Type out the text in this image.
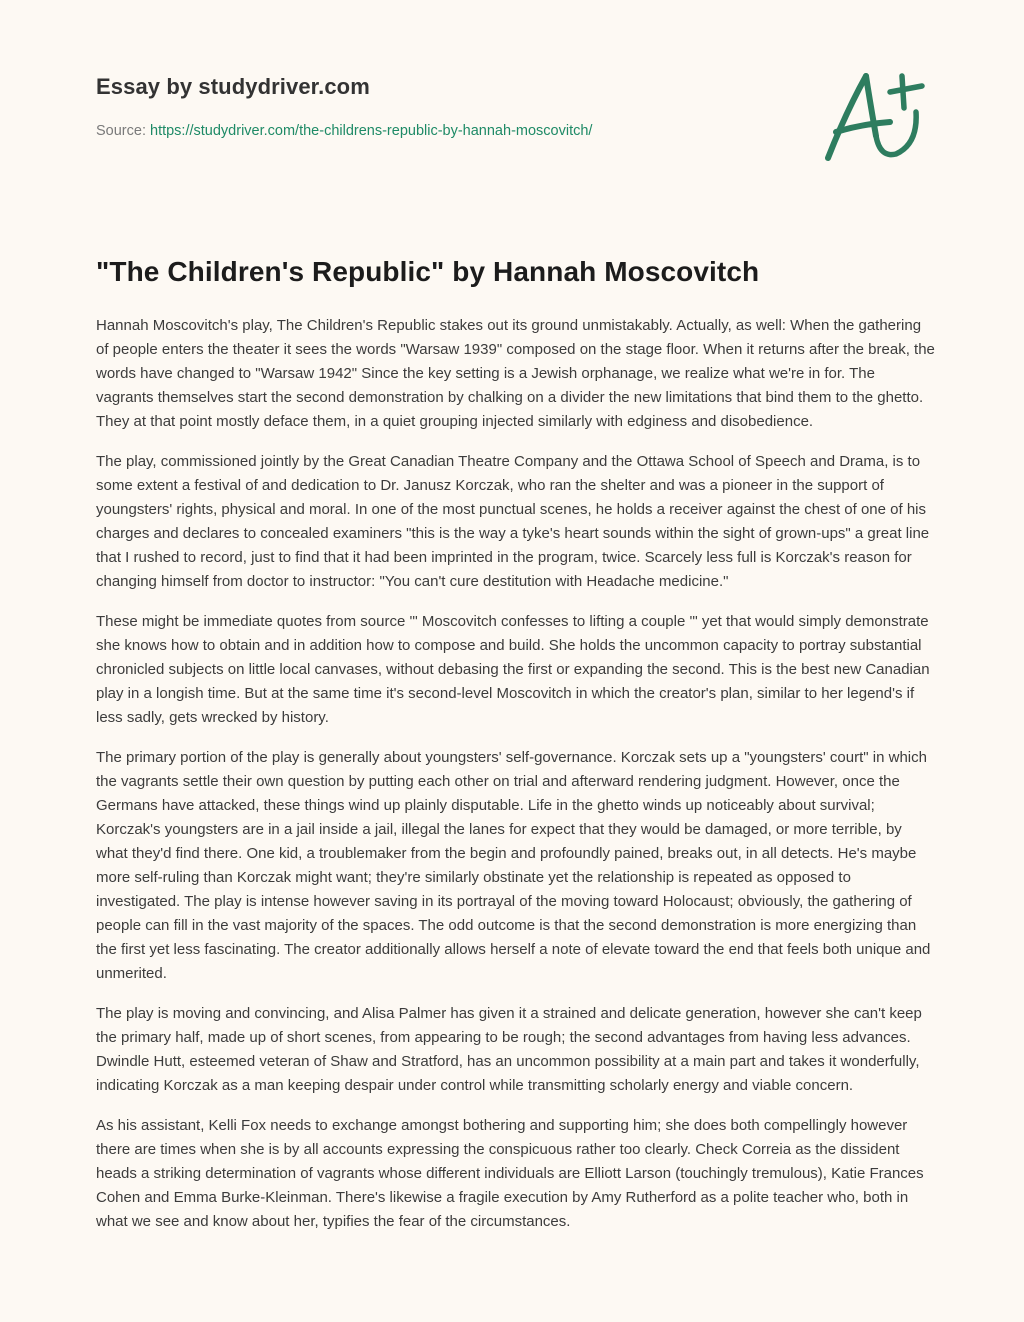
Essay by studydriver.com
Source: https://studydriver.com/the-childrens-republic-by-hannah-moscovitch/
"The Children's Republic" by Hannah Moscovitch

Hannah Moscovitch's play, The Children's Republic stakes out its ground unmistakably. Actually, as well: When the gathering of people enters the theater it sees the words "Warsaw 1939" composed on the stage floor. When it returns after the break, the words have changed to "Warsaw 1942" Since the key setting is a Jewish orphanage, we realize what we're in for. The vagrants themselves start the second demonstration by chalking on a divider the new limitations that bind them to the ghetto. They at that point mostly deface them, in a quiet grouping injected similarly with edginess and disobedience.

The play, commissioned jointly by the Great Canadian Theatre Company and the Ottawa School of Speech and Drama, is to some extent a festival of and dedication to Dr. Janusz Korczak, who ran the shelter and was a pioneer in the support of youngsters' rights, physical and moral. In one of the most punctual scenes, he holds a receiver against the chest of one of his charges and declares to concealed examiners "this is the way a tyke's heart sounds within the sight of grown-ups" a great line that I rushed to record, just to find that it had been imprinted in the program, twice. Scarcely less full is Korczak's reason for changing himself from doctor to instructor: "You can't cure destitution with Headache medicine."

These might be immediate quotes from source '" Moscovitch confesses to lifting a couple '" yet that would simply demonstrate she knows how to obtain and in addition how to compose and build. She holds the uncommon capacity to portray substantial chronicled subjects on little local canvases, without debasing the first or expanding the second. This is the best new Canadian play in a longish time. But at the same time it's second-level Moscovitch in which the creator's plan, similar to her legend's if less sadly, gets wrecked by history.

The primary portion of the play is generally about youngsters' self-governance. Korczak sets up a "youngsters' court" in which the vagrants settle their own question by putting each other on trial and afterward rendering judgment. However, once the Germans have attacked, these things wind up plainly disputable. Life in the ghetto winds up noticeably about survival; Korczak's youngsters are in a jail inside a jail, illegal the lanes for expect that they would be damaged, or more terrible, by what they'd find there. One kid, a troublemaker from the begin and profoundly pained, breaks out, in all detects. He's maybe more self-ruling than Korczak might want; they're similarly obstinate yet the relationship is repeated as opposed to investigated. The play is intense however saving in its portrayal of the moving toward Holocaust; obviously, the gathering of people can fill in the vast majority of the spaces. The odd outcome is that the second demonstration is more energizing than the first yet less fascinating. The creator additionally allows herself a note of elevate toward the end that feels both unique and unmerited.

The play is moving and convincing, and Alisa Palmer has given it a strained and delicate generation, however she can't keep the primary half, made up of short scenes, from appearing to be rough; the second advantages from having less advances. Dwindle Hutt, esteemed veteran of Shaw and Stratford, has an uncommon possibility at a main part and takes it wonderfully, indicating Korczak as a man keeping despair under control while transmitting scholarly energy and viable concern.

As his assistant, Kelli Fox needs to exchange amongst bothering and supporting him; she does both compellingly however there are times when she is by all accounts expressing the conspicuous rather too clearly. Check Correia as the dissident heads a striking determination of vagrants whose different individuals are Elliott Larson (touchingly tremulous), Katie Frances Cohen and Emma Burke-Kleinman. There's likewise a fragile execution by Amy Rutherford as a polite teacher who, both in what we see and know about her, typifies the fear of the circumstances.
